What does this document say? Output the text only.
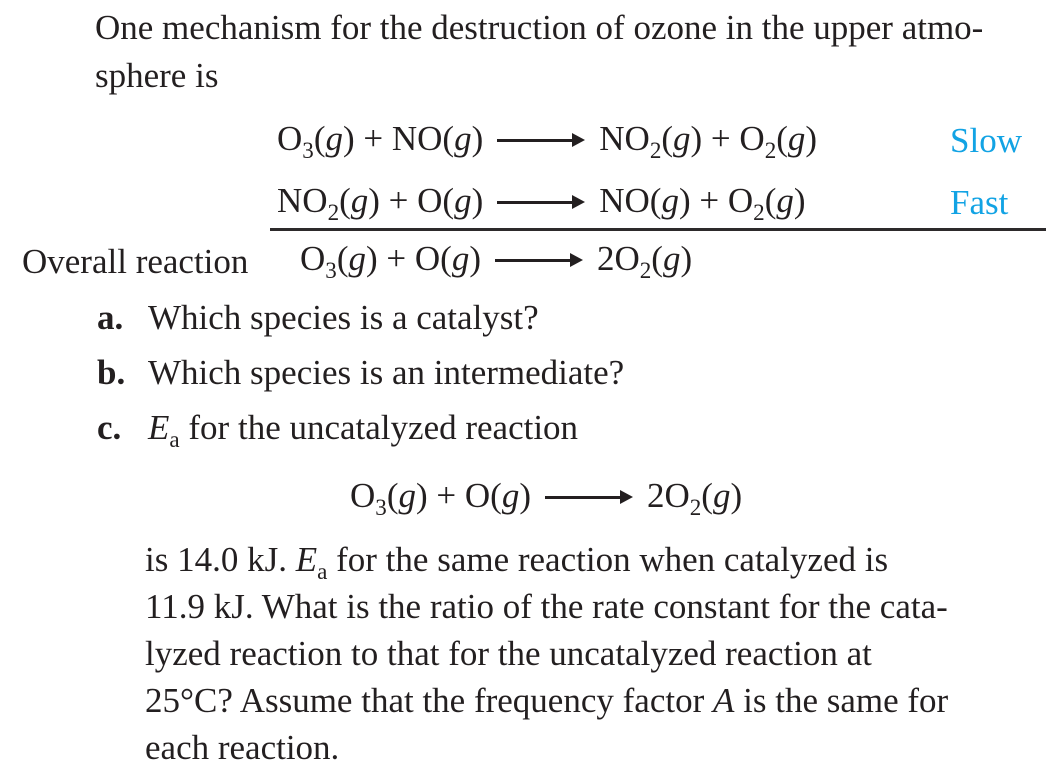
One mechanism for the destruction of ozone in the upper atmo-
sphere is
$O_3(g) + NO(g)$	$NO_2(g) + O_2(g)$	Slow
$NO_2(g) + O(g)$	$NO(g) + O_2(g)$	Fast
Overall reaction $O_3(g) + O(g)$	$2O_2(g)$
a. Which species is a catalyst?
b. Which species is an intermediate?
c. $E_a$ for the uncatalyzed reaction
$O_3(g) + O(g)$	$2O_2(g)$
is 14.0 kJ. $E_a$ for the same reaction when catalyzed is
11.9 kJ. What is the ratio of the rate constant for the cata-
lyzed reaction to that for the uncatalyzed reaction at
25°C? Assume that the frequency factor A is the same for
each reaction.
